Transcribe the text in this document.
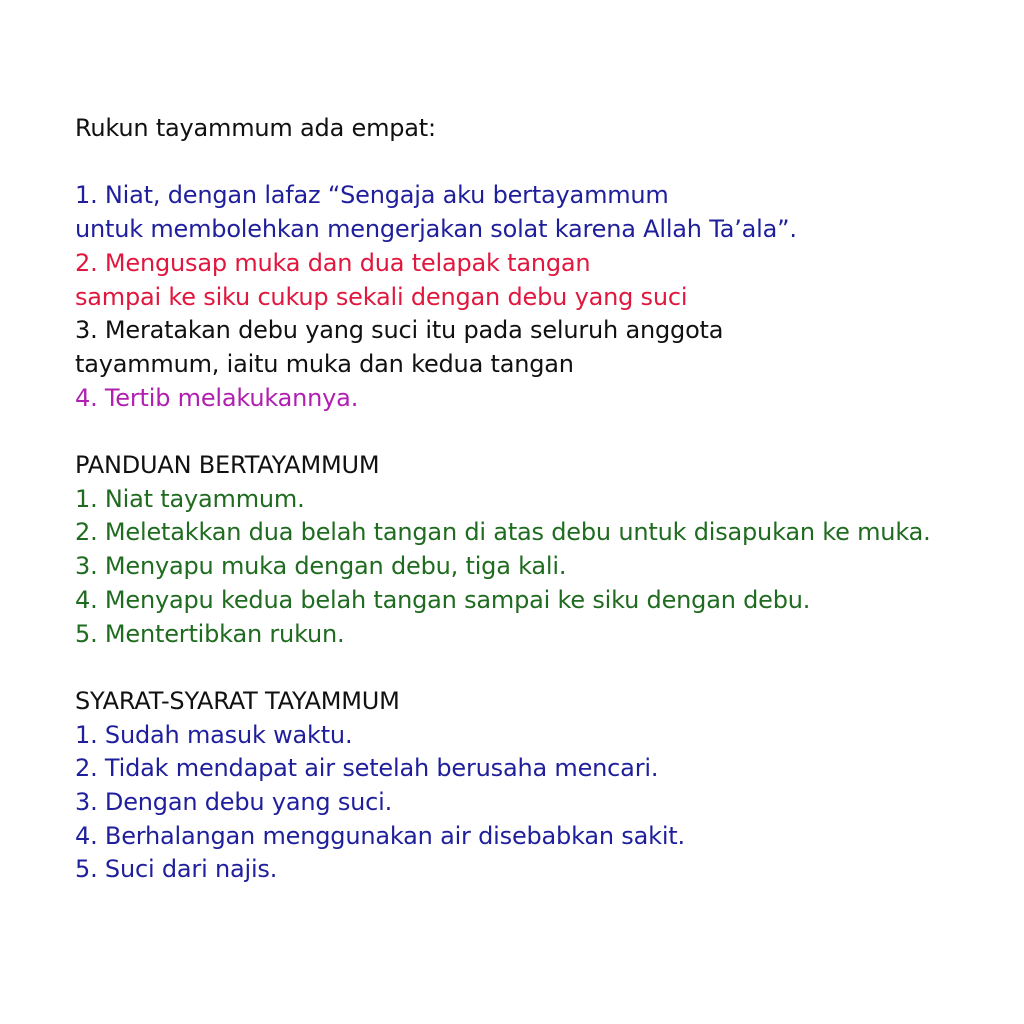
Rukun tayammum ada empat:
1. Niat, dengan lafaz “Sengaja aku bertayammum
untuk membolehkan mengerjakan solat karena Allah Ta’ala”.
2. Mengusap muka dan dua telapak tangan
sampai ke siku cukup sekali dengan debu yang suci
3. Meratakan debu yang suci itu pada seluruh anggota
tayammum, iaitu muka dan kedua tangan
4. Tertib melakukannya.
PANDUAN BERTAYAMMUM
1. Niat tayammum.
2. Meletakkan dua belah tangan di atas debu untuk disapukan ke muka.
3. Menyapu muka dengan debu, tiga kali.
4. Menyapu kedua belah tangan sampai ke siku dengan debu.
5. Mentertibkan rukun.
SYARAT-SYARAT TAYAMMUM
1. Sudah masuk waktu.
2. Tidak mendapat air setelah berusaha mencari.
3. Dengan debu yang suci.
4. Berhalangan menggunakan air disebabkan sakit.
5. Suci dari najis.
